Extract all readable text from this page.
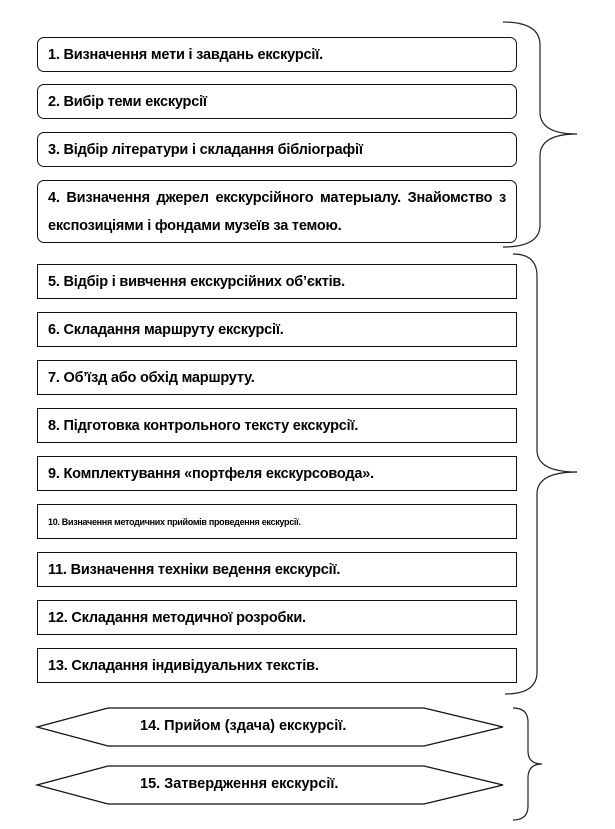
1. Визначення мети і завдань екскурсії.
2. Вибір теми екскурсії
3. Відбір літератури і складання бібліографії
4. Визначення джерел екскурсійного матерыалу. Знайомство з експозиціями і фондами музеїв за темою.
5. Відбір і вивчення екскурсійних об’єктів.
6. Складання маршруту екскурсії.
7. Об’їзд або обхід маршруту.
8. Підготовка контрольного тексту екскурсії.
9. Комплектування «портфеля екскурсовода».
10. Визначення методичних прийомів проведення екскурсії.
11. Визначення техніки ведення екскурсії.
12. Складання методичної розробки.
13. Складання індивідуальних текстів.
14. Прийом (здача) екскурсії.
15. Затвердження екскурсії.
